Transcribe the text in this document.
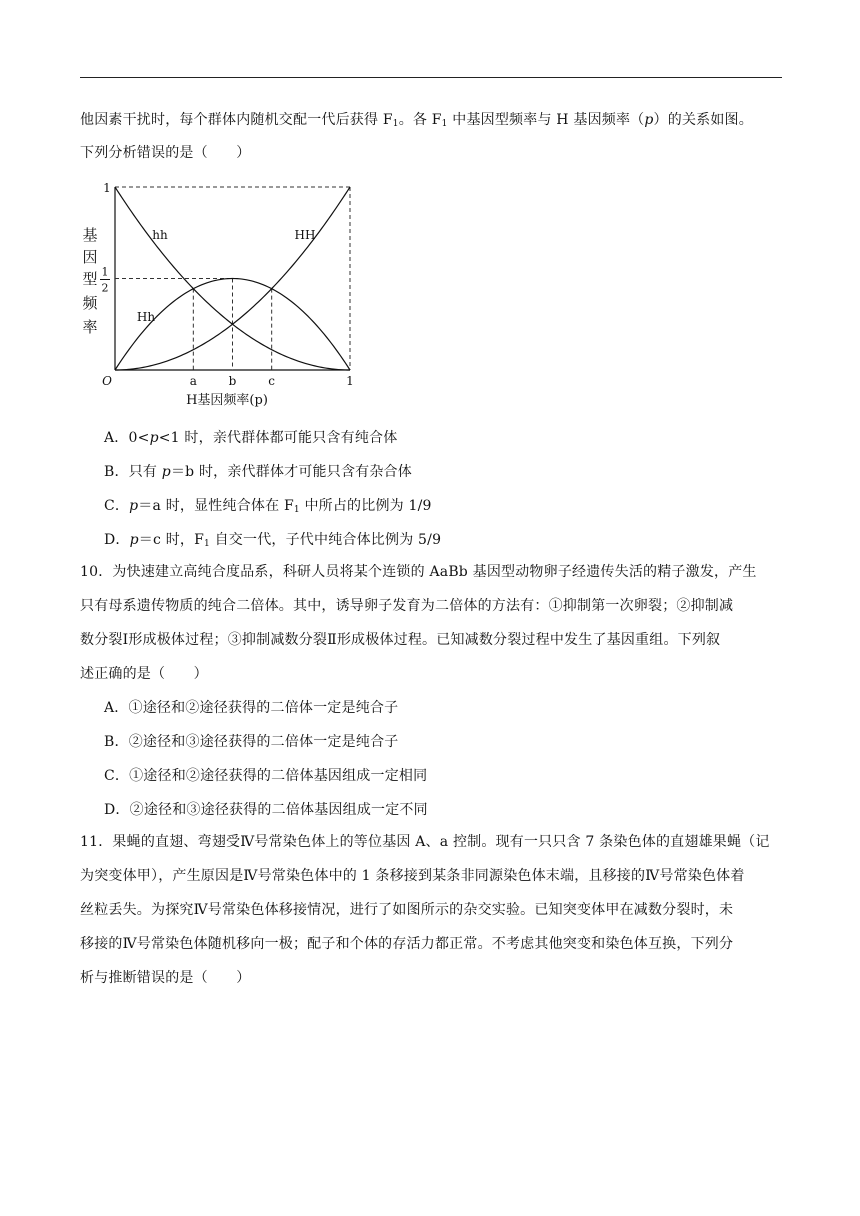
他因素干扰时，每个群体内随机交配一代后获得 $F_1$。各 $F_1$ 中基因型频率与 H 基因频率（p）的关系如图。
下列分析错误的是（　　）
O	a	b	c	1
1
1
2
基
因
型
频
率
H基因频率(p)
hh	HH
Hh
A．0<p<1 时，亲代群体都可能只含有纯合体
B．只有 p＝b 时，亲代群体才可能只含有杂合体
C．p＝a 时，显性纯合体在 $F_1$ 中所占的比例为 1/9
D．p＝c 时，$F_1$ 自交一代，子代中纯合体比例为 5/9
10．为快速建立高纯合度品系，科研人员将某个连锁的 AaBb 基因型动物卵子经遗传失活的精子激发，产生
只有母系遗传物质的纯合二倍体。其中，诱导卵子发育为二倍体的方法有：①抑制第一次卵裂；②抑制减
数分裂Ⅰ形成极体过程；③抑制减数分裂Ⅱ形成极体过程。已知减数分裂过程中发生了基因重组。下列叙
述正确的是（　　）
A．①途径和②途径获得的二倍体一定是纯合子
B．②途径和③途径获得的二倍体一定是纯合子
C．①途径和②途径获得的二倍体基因组成一定相同
D．②途径和③途径获得的二倍体基因组成一定不同
11．果蝇的直翅、弯翅受Ⅳ号常染色体上的等位基因 A、a 控制。现有一只只含 7 条染色体的直翅雄果蝇（记
为突变体甲），产生原因是Ⅳ号常染色体中的 1 条移接到某条非同源染色体末端，且移接的Ⅳ号常染色体着
丝粒丢失。为探究Ⅳ号常染色体移接情况，进行了如图所示的杂交实验。已知突变体甲在减数分裂时，未
移接的Ⅳ号常染色体随机移向一极；配子和个体的存活力都正常。不考虑其他突变和染色体互换，下列分
析与推断错误的是（　　）
